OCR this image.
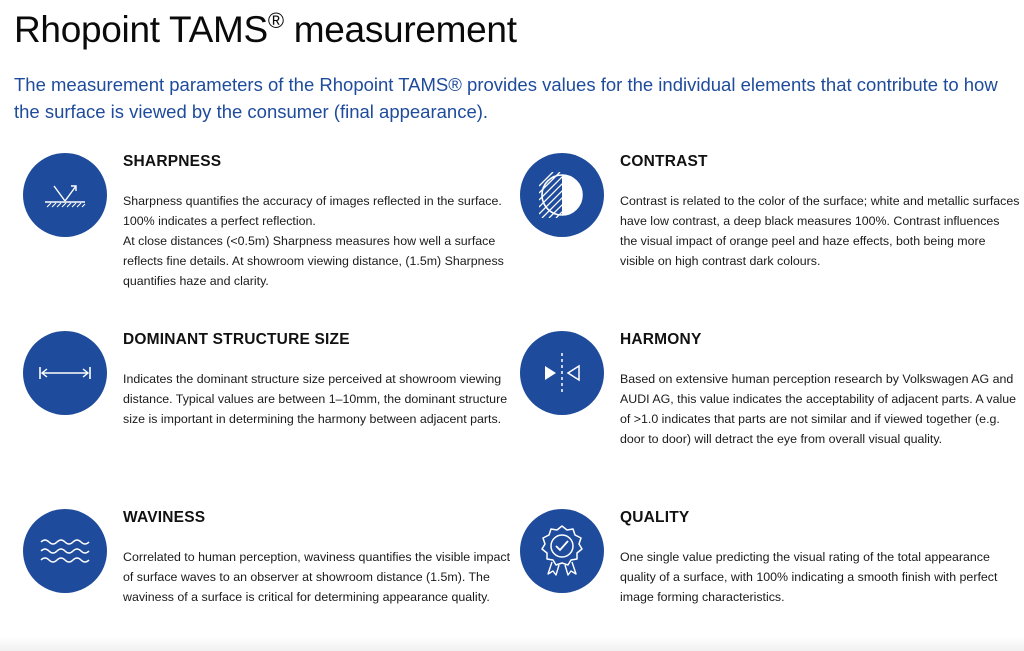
Rhopoint TAMS® measurement
The measurement parameters of the Rhopoint TAMS® provides values for the individual elements that contribute to how the surface is viewed by the consumer (final appearance).
SHARPNESS

Sharpness quantifies the accuracy of images reflected in the surface. 100% indicates a perfect reflection.

At close distances (<0.5m) Sharpness measures how well a surface reflects fine details. At showroom viewing distance, (1.5m) Sharpness quantifies haze and clarity.

CONTRAST

Contrast is related to the color of the surface; white and metallic surfaces have low contrast, a deep black measures 100%. Contrast influences the visual impact of orange peel and haze effects, both being more visible on high contrast dark colours.

DOMINANT STRUCTURE SIZE

Indicates the dominant structure size perceived at showroom viewing distance. Typical values are between 1–10mm, the dominant structure size is important in determining the harmony between adjacent parts.

HARMONY

Based on extensive human perception research by Volkswagen AG and AUDI AG, this value indicates the acceptability of adjacent parts. A value of >1.0 indicates that parts are not similar and if viewed together (e.g. door to door) will detract the eye from overall visual quality.

WAVINESS

Correlated to human perception, waviness quantifies the visible impact of surface waves to an observer at showroom distance (1.5m). The waviness of a surface is critical for determining appearance quality.

QUALITY

One single value predicting the visual rating of the total appearance quality of a surface, with 100% indicating a smooth finish with perfect image forming characteristics.
